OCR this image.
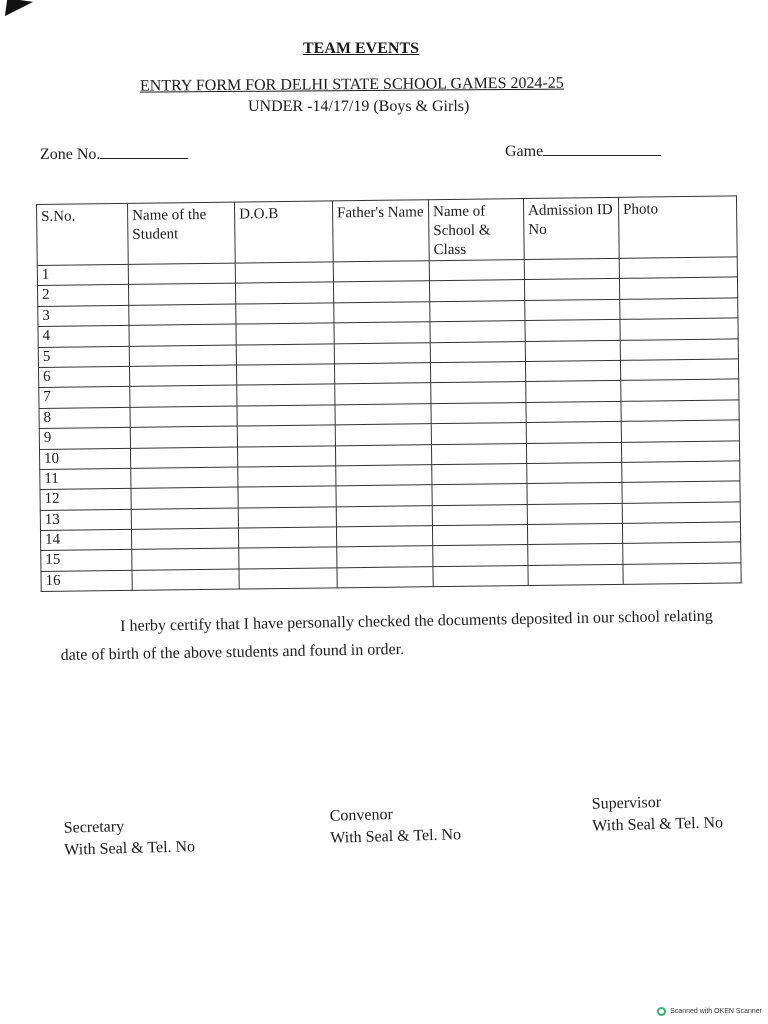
TEAM EVENTS
ENTRY FORM FOR DELHI STATE SCHOOL GAMES 2024-25
UNDER -14/17/19 (Boys & Girls)
Zone No.	Game
S.No.	Name of the Student	D.O.B	Father's Name	Name of School & Class	Admission ID No	Photo
1						
2						
3						
4						
5						
6						
7						
8						
9						
10						
11						
12						
13						
14						
15						
16						
I herby certify that I have personally checked the documents deposited in our school relating
date of birth of the above students and found in order.
Secretary
With Seal & Tel. No
Convenor
With Seal & Tel. No
Supervisor
With Seal & Tel. No
Scanned with OKEN Scanner
